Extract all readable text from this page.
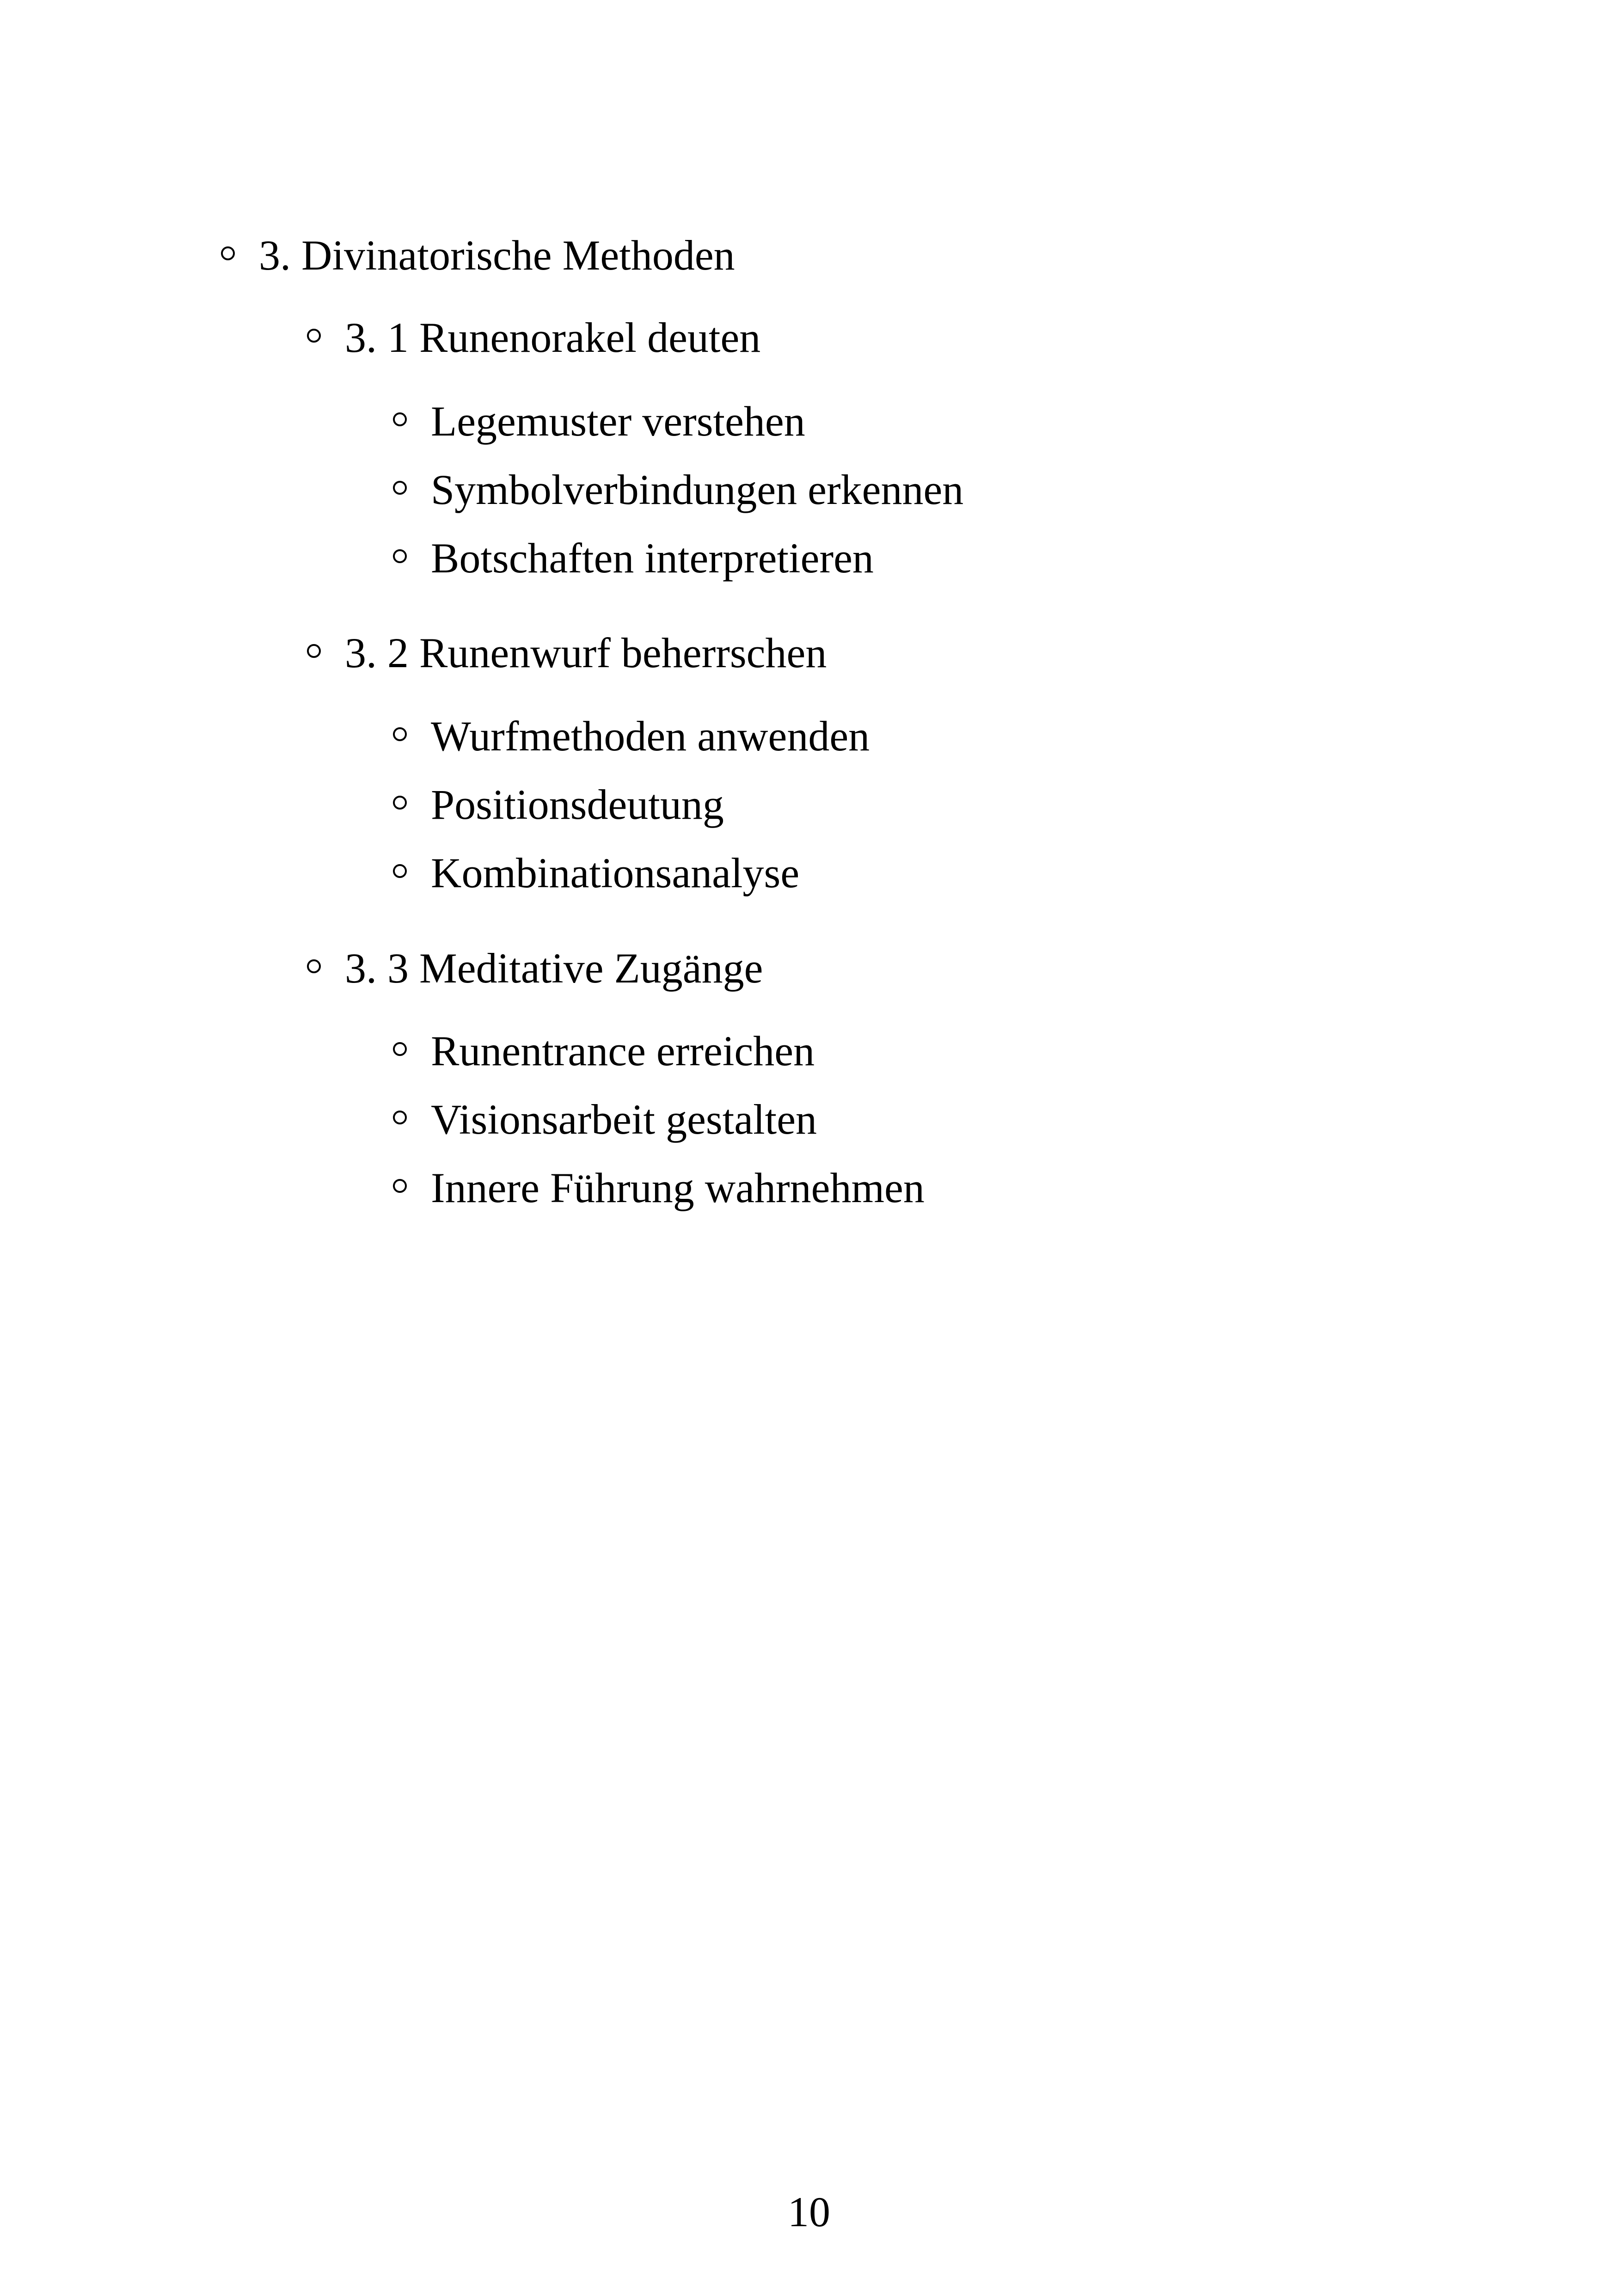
3. Divinatorische Methoden
3. 1 Runenorakel deuten
Legemuster verstehen
Symbolverbindungen erkennen
Botschaften interpretieren
3. 2 Runenwurf beherrschen
Wurfmethoden anwenden
Positionsdeutung
Kombinationsanalyse
3. 3 Meditative Zugänge
Runentrance erreichen
Visionsarbeit gestalten
Innere Führung wahrnehmen
10
